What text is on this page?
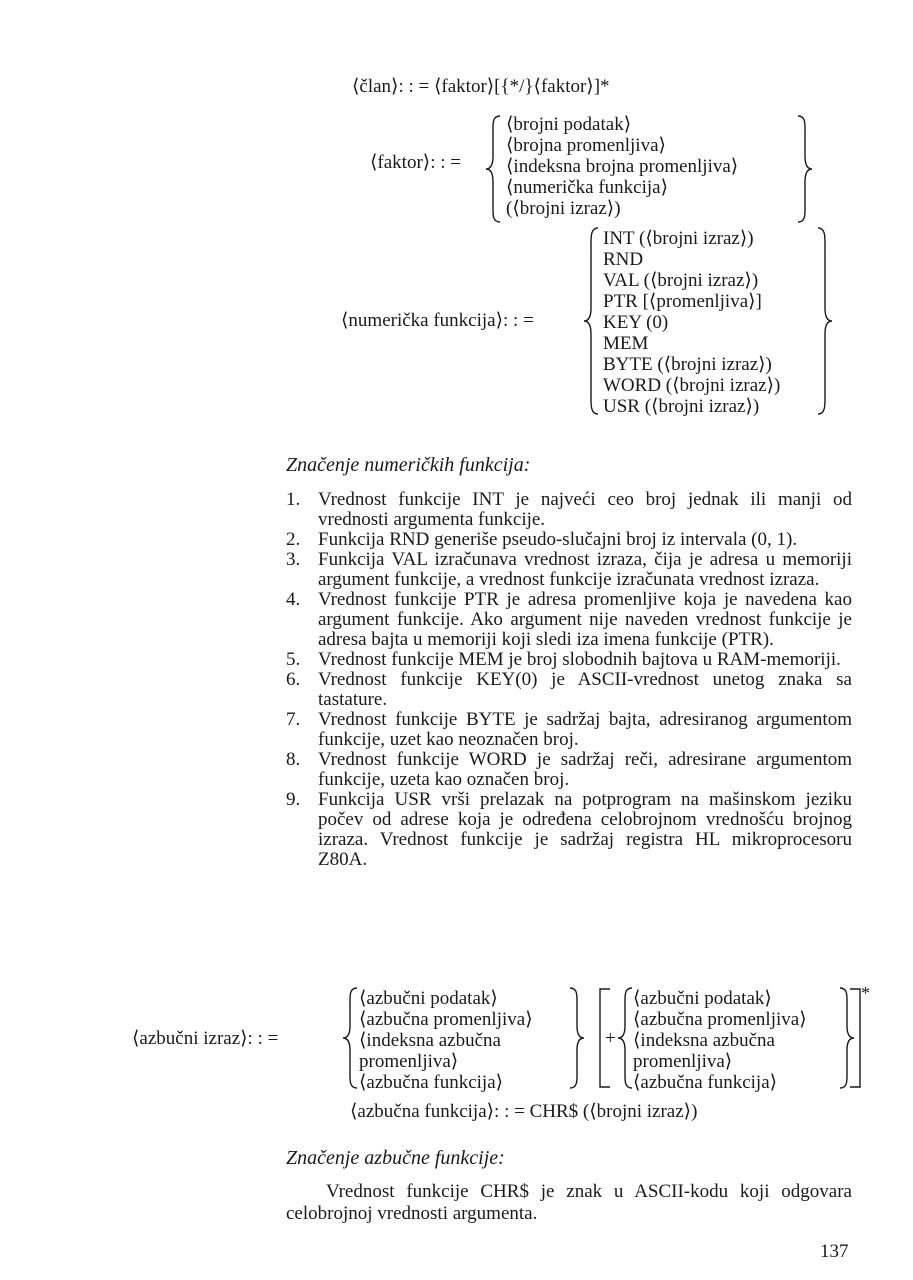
⟨član⟩: : = ⟨faktor⟩[{*/}⟨faktor⟩]*
⟨faktor⟩: : =
⟨brojni podatak⟩
⟨brojna promenljiva⟩
⟨indeksna brojna promenljiva⟩
⟨numerička funkcija⟩
(⟨brojni izraz⟩)
⟨numerička funkcija⟩: : =
INT (⟨brojni izraz⟩)
RND
VAL (⟨brojni izraz⟩)
PTR [⟨promenljiva⟩]
KEY (0)
MEM
BYTE (⟨brojni izraz⟩)
WORD (⟨brojni izraz⟩)
USR (⟨brojni izraz⟩)
Značenje numeričkih funkcija:
1. Vrednost funkcije INT je najveći ceo broj jednak ili manji od vrednosti argumenta funkcije.
2. Funkcija RND generiše pseudo-slučajni broj iz intervala (0, 1).
3. Funkcija VAL izračunava vrednost izraza, čija je adresa u memoriji argument funkcije, a vrednost funkcije izračunata vrednost izraza.
4. Vrednost funkcije PTR je adresa promenljive koja je navedena kao argument funkcije. Ako argument nije naveden vrednost funkcije je adresa bajta u memoriji koji sledi iza imena funkcije (PTR).
5. Vrednost funkcije MEM je broj slobodnih bajtova u RAM-memoriji.
6. Vrednost funkcije KEY(0) je ASCII-vrednost unetog znaka sa tastature.
7. Vrednost funkcije BYTE je sadržaj bajta, adresiranog argumentom funkcije, uzet kao neoznačen broj.
8. Vrednost funkcije WORD je sadržaj reči, adresirane argumentom funkcije, uzeta kao označen broj.
9. Funkcija USR vrši prelazak na potprogram na mašinskom jeziku počev od adrese koja je određena celobrojnom vrednošću brojnog izraza. Vrednost funkcije je sadržaj registra HL mikroprocesoru Z80A.
⟨azbučni izraz⟩: : =
⟨azbučni podatak⟩
⟨azbučna promenljiva⟩
⟨indeksna azbučna
promenljiva⟩
⟨azbučna funkcija⟩
+
⟨azbučni podatak⟩
⟨azbučna promenljiva⟩
⟨indeksna azbučna
promenljiva⟩
⟨azbučna funkcija⟩
*
⟨azbučna funkcija⟩: : = CHR$ (⟨brojni izraz⟩)
Značenje azbučne funkcije:
Vrednost funkcije CHR$ je znak u ASCII-kodu koji odgovara celobrojnoj vrednosti argumenta.
137
